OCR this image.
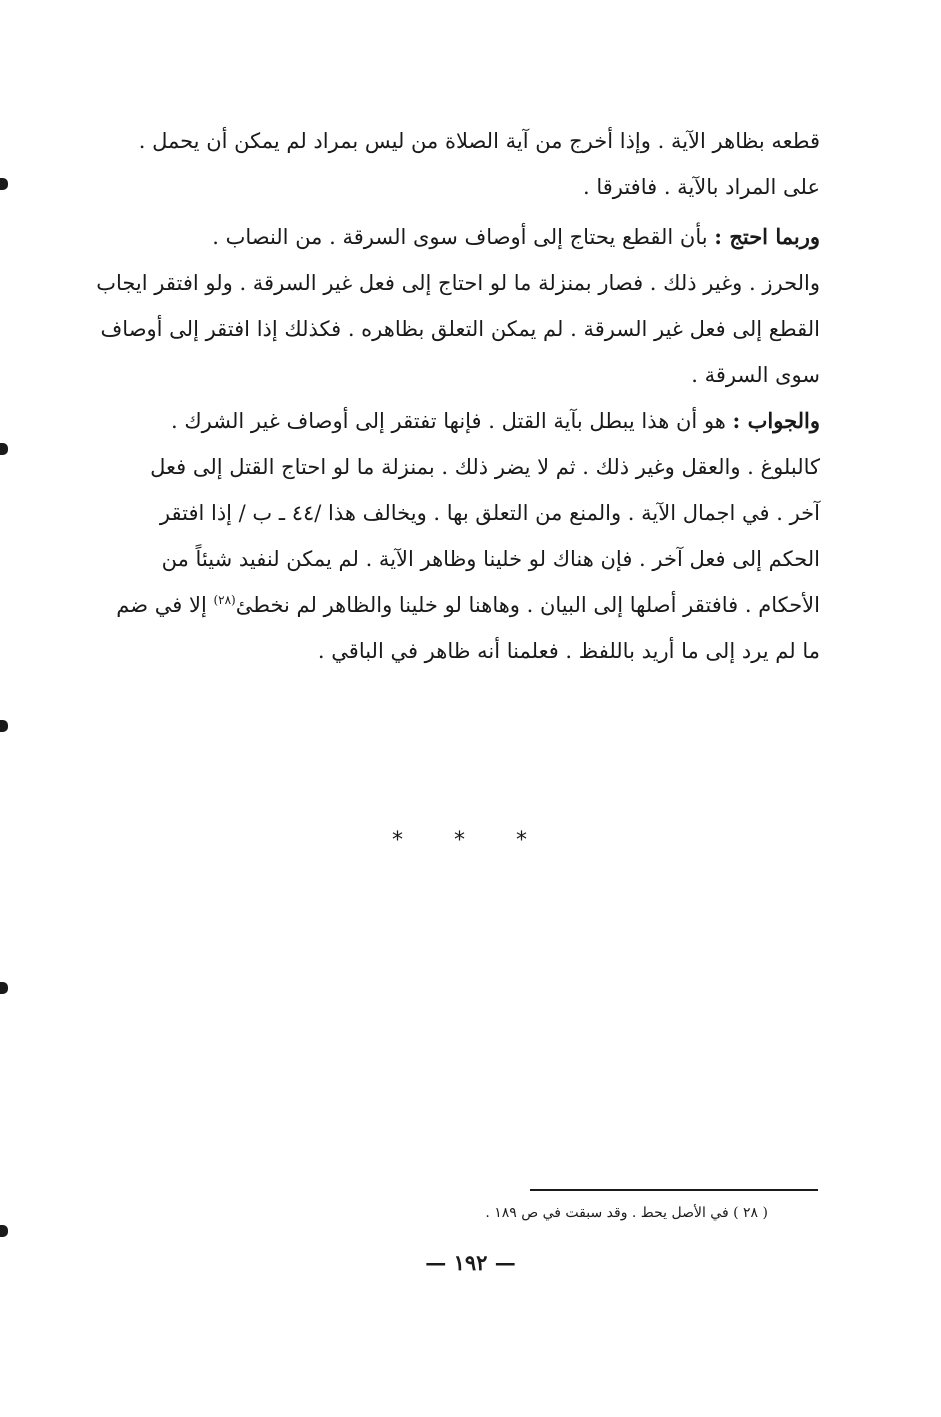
قطعه بظاهر الآية . وإذا أخرج من آية الصلاة من ليس بمراد لم يمكن أن يحمل .
على المراد بالآية . فافترقا .

وربما احتج : بأن القطع يحتاج إلى أوصاف سوى السرقة . من النصاب .
والحرز . وغير ذلك . فصار بمنزلة ما لو احتاج إلى فعل غير السرقة . ولو افتقر ايجاب
القطع إلى فعل غير السرقة . لم يمكن التعلق بظاهره . فكذلك إذا افتقر إلى أوصاف
سوى السرقة .

والجواب : هو أن هذا يبطل بآية القتل . فإنها تفتقر إلى أوصاف غير الشرك .
كالبلوغ . والعقل وغير ذلك . ثم لا يضر ذلك . بمنزلة ما لو احتاج القتل إلى فعل
آخر . في اجمال الآية . والمنع من التعلق بها . ويخالف هذا /٤٤ ـ ب / إذا افتقر
الحكم إلى فعل آخر . فإن هناك لو خلينا وظاهر الآية . لم يمكن لنفيد شيئاً من
الأحكام . فافتقر أصلها إلى البيان . وهاهنا لو خلينا والظاهر لم نخطئ$^{(٢٨)}$ إلا في ضم
ما لم يرد إلى ما أريد باللفظ . فعلمنا أنه ظاهر في الباقي .

* * *
( ٢٨ ) في الأصل يحط . وقد سبقت في ص ١٨٩ .
— ١٩٢ —
